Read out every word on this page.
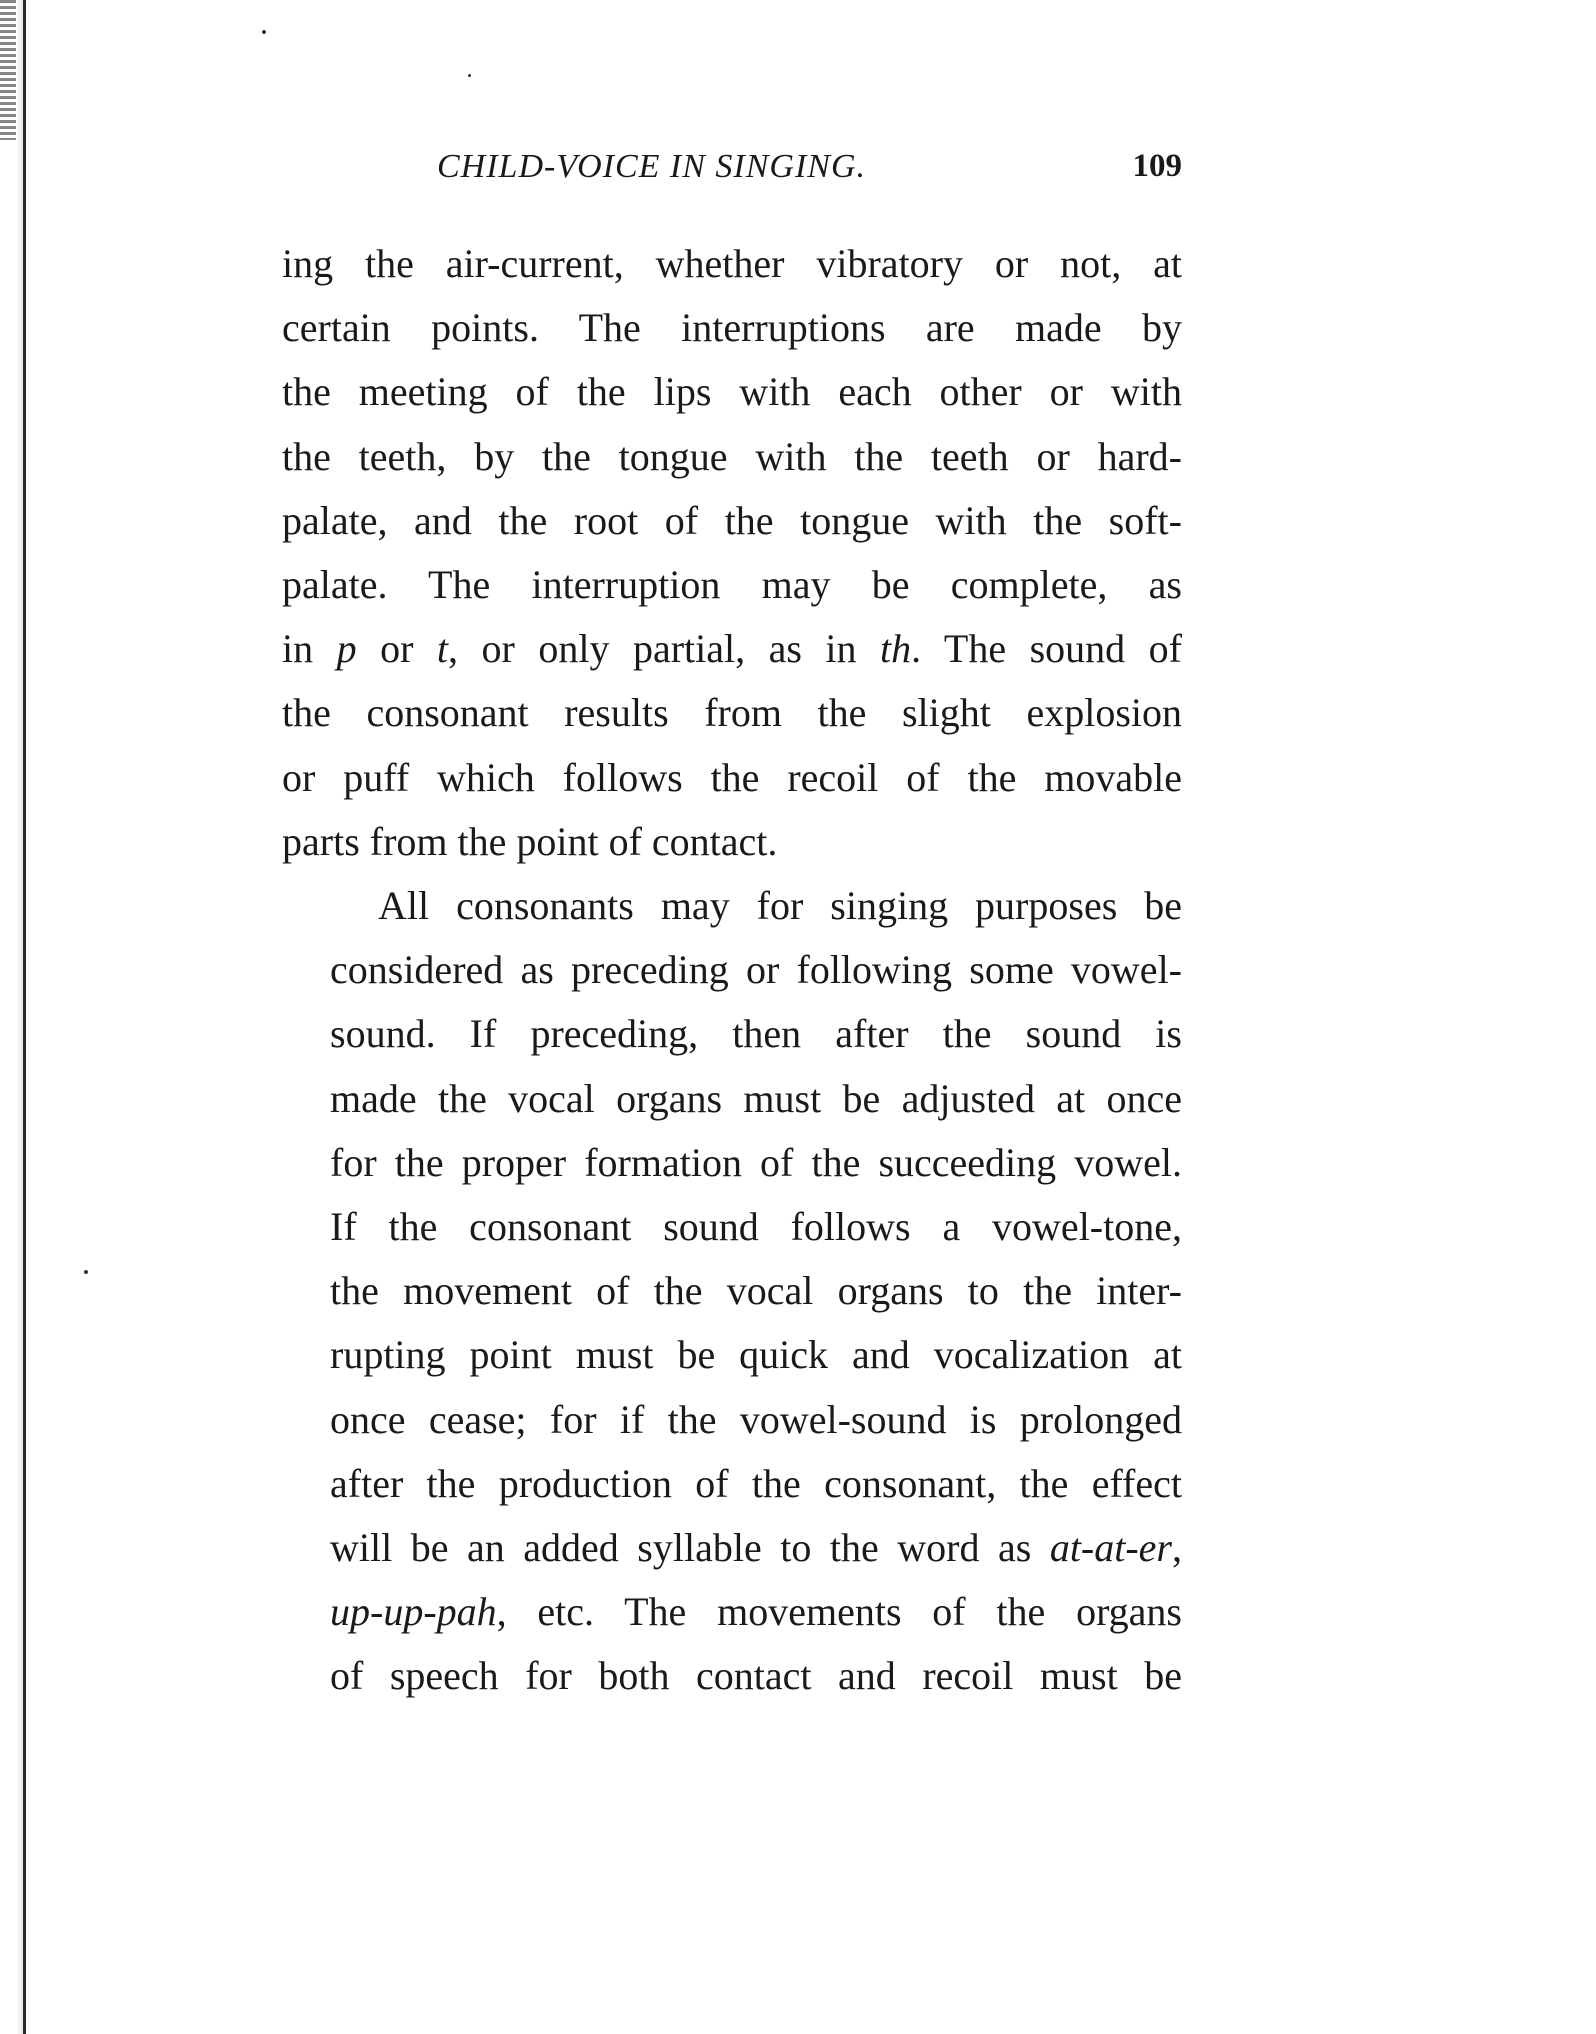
CHILD-VOICE IN SINGING.	109
ing the air-current, whether vibratory or not, at
certain points. The interruptions are made by
the meeting of the lips with each other or with
the teeth, by the tongue with the teeth or hard-
palate, and the root of the tongue with the soft-
palate. The interruption may be complete, as
in p or t, or only partial, as in th. The sound of
the consonant results from the slight explosion
or puff which follows the recoil of the movable
parts from the point of contact.
All consonants may for singing purposes be
considered as preceding or following some vowel-
sound. If preceding, then after the sound is
made the vocal organs must be adjusted at once
for the proper formation of the succeeding vowel.
If the consonant sound follows a vowel-tone,
the movement of the vocal organs to the inter-
rupting point must be quick and vocalization at
once cease; for if the vowel-sound is prolonged
after the production of the consonant, the effect
will be an added syllable to the word as at-at-er,
up-up-pah, etc. The movements of the organs
of speech for both contact and recoil must be
